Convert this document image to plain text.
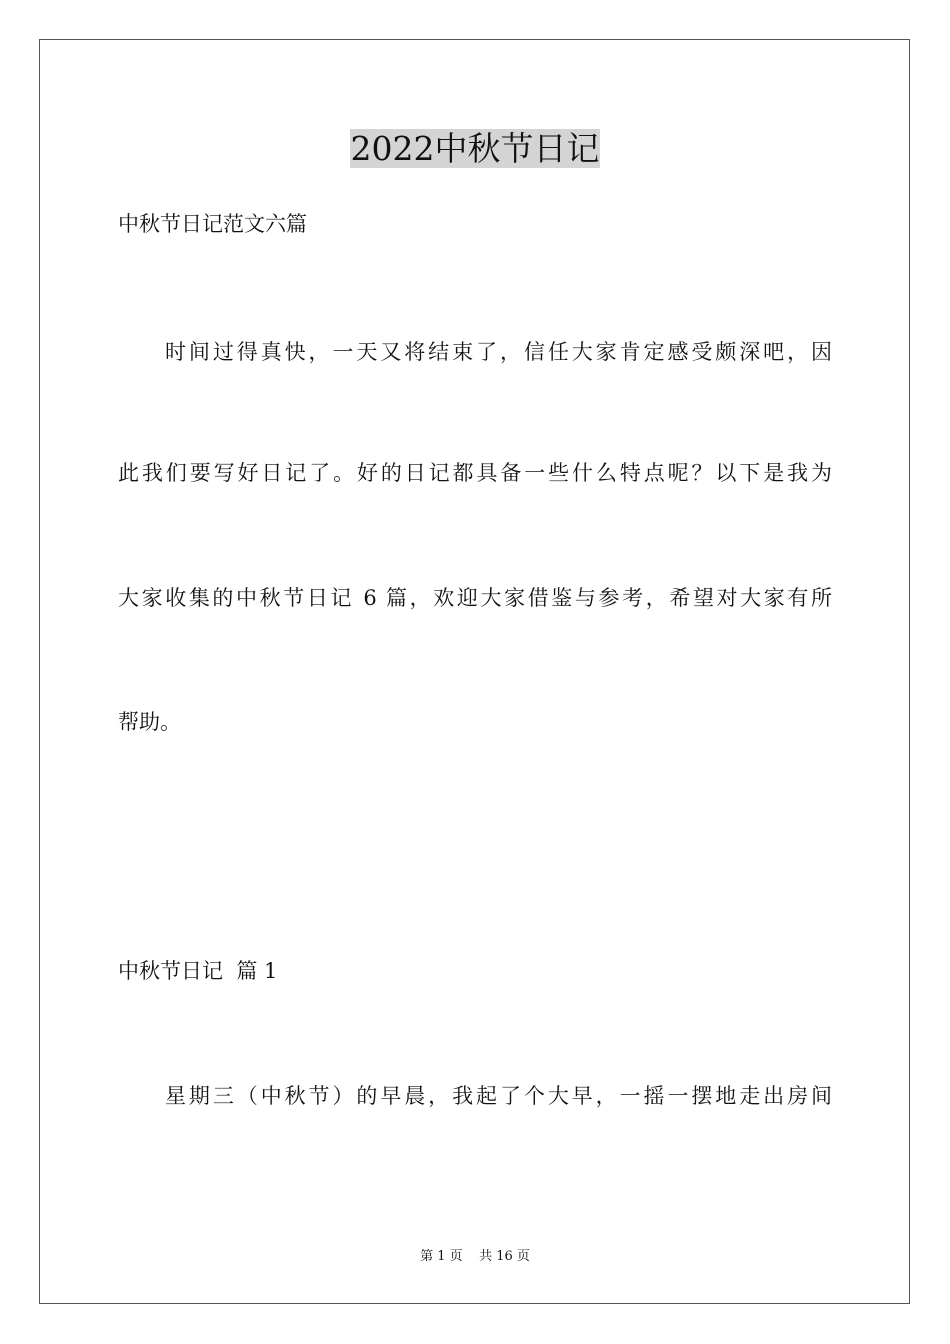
2022中秋节日记
中秋节日记范文六篇
时间过得真快，一天又将结束了，信任大家肯定感受颇深吧，因
此我们要写好日记了。好的日记都具备一些什么特点呢？以下是我为
大家收集的中秋节日记 6 篇，欢迎大家借鉴与参考，希望对大家有所
帮助。
中秋节日记  篇 1
星期三（中秋节）的早晨，我起了个大早，一摇一摆地走出房间
第 1 页    共 16 页
